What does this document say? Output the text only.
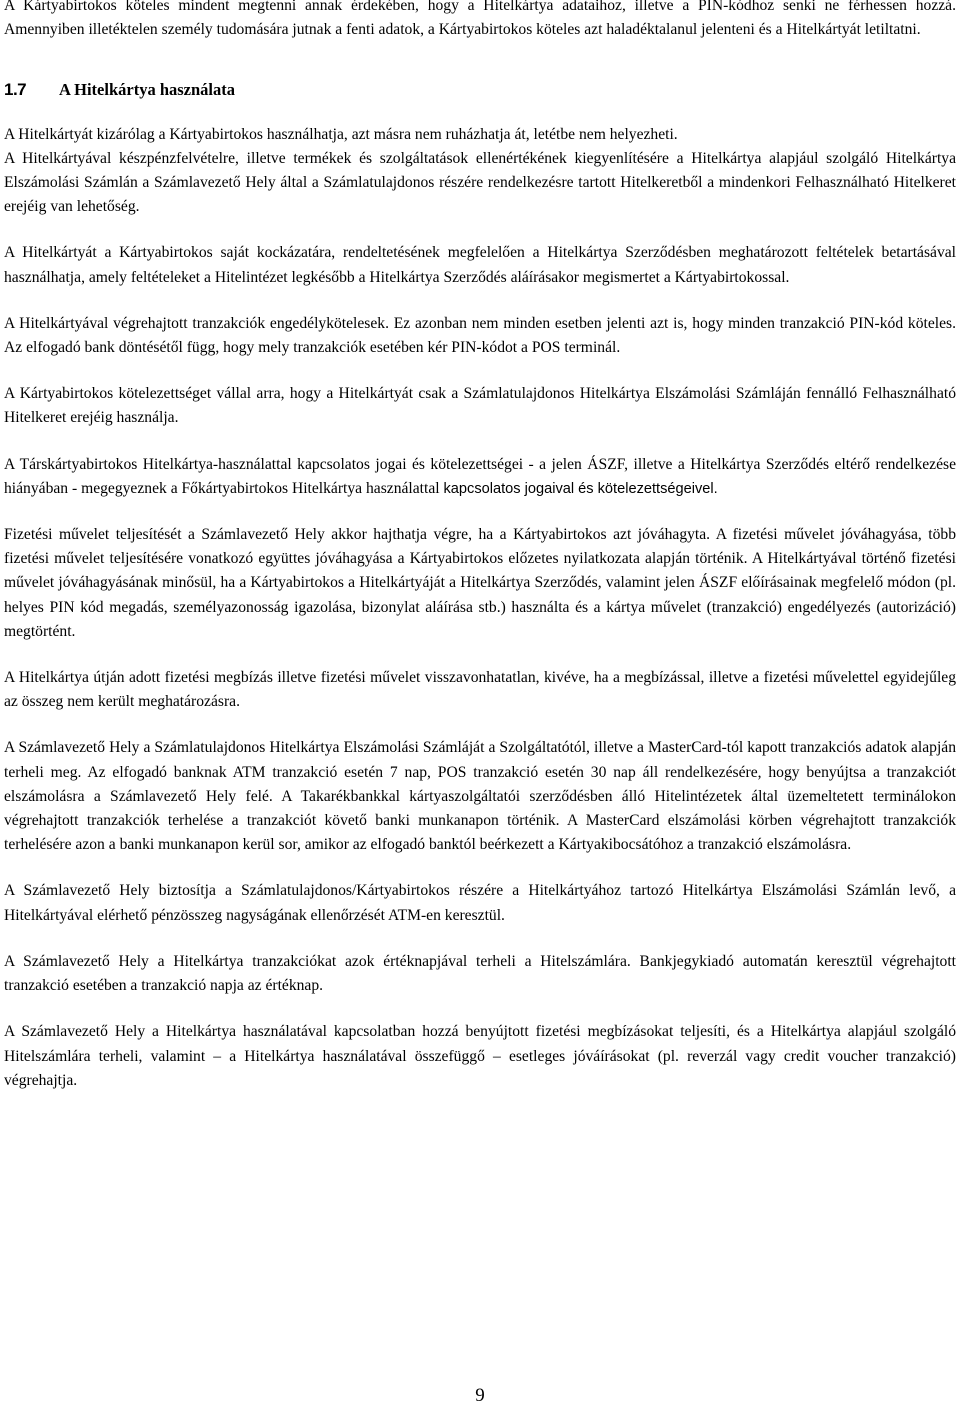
A Kártyabirtokos köteles mindent megtenni annak érdekében, hogy a Hitelkártya adataihoz, illetve a PIN-kódhoz senki ne férhessen hozzá. Amennyiben illetéktelen személy tudomására jutnak a fenti adatok, a Kártyabirtokos köteles azt haladéktalanul jelenteni és a Hitelkártyát letiltatni.

1.7	A Hitelkártya használata

A Hitelkártyát kizárólag a Kártyabirtokos használhatja, azt másra nem ruházhatja át, letétbe nem helyezheti.

A Hitelkártyával készpénzfelvételre, illetve termékek és szolgáltatások ellenértékének kiegyenlítésére a Hitelkártya alapjául szolgáló Hitelkártya Elszámolási Számlán a Számlavezető Hely által a Számlatulajdonos részére rendelkezésre tartott Hitelkeretből a mindenkori Felhasználható Hitelkeret erejéig van lehetőség.

A Hitelkártyát a Kártyabirtokos saját kockázatára, rendeltetésének megfelelően a Hitelkártya Szerződésben meghatározott feltételek betartásával használhatja, amely feltételeket a Hitelintézet legkésőbb a Hitelkártya Szerződés aláírásakor megismertet a Kártyabirtokossal.

A Hitelkártyával végrehajtott tranzakciók engedélykötelesek. Ez azonban nem minden esetben jelenti azt is, hogy minden tranzakció PIN-kód köteles. Az elfogadó bank döntésétől függ, hogy mely tranzakciók esetében kér PIN-kódot a POS terminál.

A Kártyabirtokos kötelezettséget vállal arra, hogy a Hitelkártyát csak a Számlatulajdonos Hitelkártya Elszámolási Számláján fennálló Felhasználható Hitelkeret erejéig használja.

A Társkártyabirtokos Hitelkártya-használattal kapcsolatos jogai és kötelezettségei - a jelen ÁSZF, illetve a Hitelkártya Szerződés eltérő rendelkezése hiányában - megegyeznek a Főkártyabirtokos Hitelkártya használattal kapcsolatos jogaival és kötelezettségeivel.

Fizetési művelet teljesítését a Számlavezető Hely akkor hajthatja végre, ha a Kártyabirtokos azt jóváhagyta. A fizetési művelet jóváhagyása, több fizetési művelet teljesítésére vonatkozó együttes jóváhagyása a Kártyabirtokos előzetes nyilatkozata alapján történik. A Hitelkártyával történő fizetési művelet jóváhagyásának minősül, ha a Kártyabirtokos a Hitelkártyáját a Hitelkártya Szerződés, valamint jelen ÁSZF előírásainak megfelelő módon (pl. helyes PIN kód megadás, személyazonosság igazolása, bizonylat aláírása stb.) használta és a kártya művelet (tranzakció) engedélyezés (autorizáció) megtörtént.

A Hitelkártya útján adott fizetési megbízás illetve fizetési művelet visszavonhatatlan, kivéve, ha a megbízással, illetve a fizetési művelettel egyidejűleg az összeg nem került meghatározásra.

A Számlavezető Hely a Számlatulajdonos Hitelkártya Elszámolási Számláját a Szolgáltatótól, illetve a MasterCard-tól kapott tranzakciós adatok alapján terheli meg. Az elfogadó banknak ATM tranzakció esetén 7 nap, POS tranzakció esetén 30 nap áll rendelkezésére, hogy benyújtsa a tranzakciót elszámolásra a Számlavezető Hely felé. A Takarékbankkal kártyaszolgáltatói szerződésben álló Hitelintézetek által üzemeltetett terminálokon végrehajtott tranzakciók terhelése a tranzakciót követő banki munkanapon történik. A MasterCard elszámolási körben végrehajtott tranzakciók terhelésére azon a banki munkanapon kerül sor, amikor az elfogadó banktól beérkezett a Kártyakibocsátóhoz a tranzakció elszámolásra.

A Számlavezető Hely biztosítja a Számlatulajdonos/Kártyabirtokos részére a Hitelkártyához tartozó Hitelkártya Elszámolási Számlán levő, a Hitelkártyával elérhető pénzösszeg nagyságának ellenőrzését ATM-en keresztül.

A Számlavezető Hely a Hitelkártya tranzakciókat azok értéknapjával terheli a Hitelszámlára. Bankjegykiadó automatán keresztül végrehajtott tranzakció esetében a tranzakció napja az értéknap.

A Számlavezető Hely a Hitelkártya használatával kapcsolatban hozzá benyújtott fizetési megbízásokat teljesíti, és a Hitelkártya alapjául szolgáló Hitelszámlára terheli, valamint – a Hitelkártya használatával összefüggő – esetleges jóváírásokat (pl. reverzál vagy credit voucher tranzakció) végrehajtja.

9
